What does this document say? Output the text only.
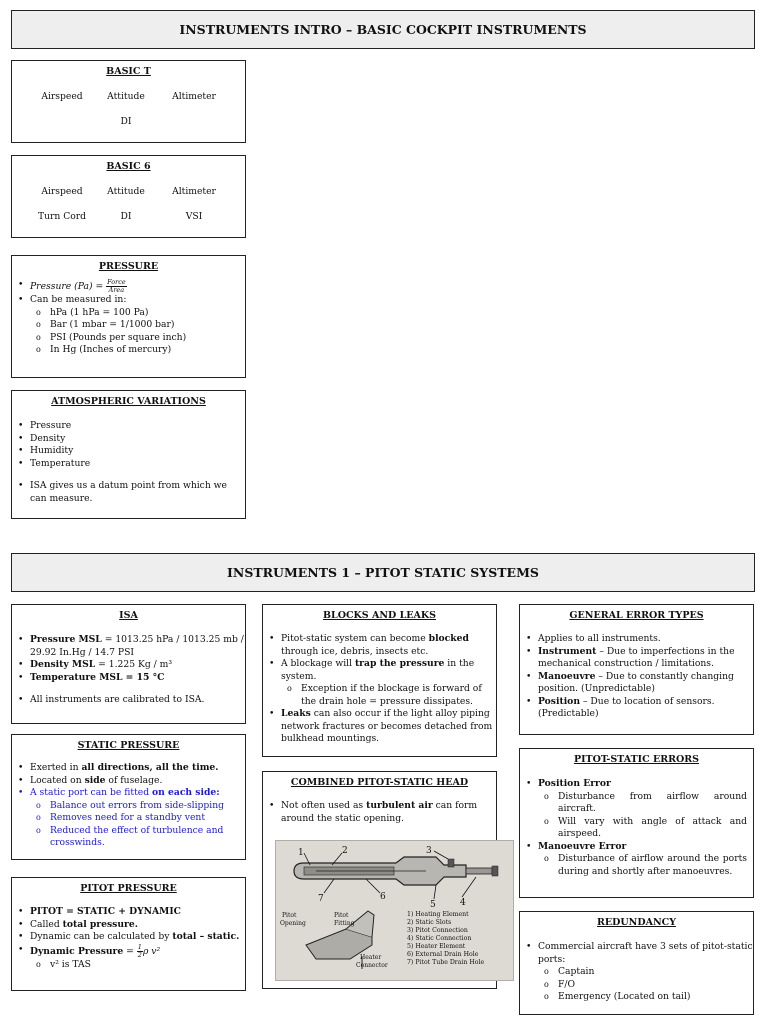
INSTRUMENTS INTRO – BASIC COCKPIT INSTRUMENTS
BASIC T
Airspeed	Attitude	Altimeter
DI
BASIC 6
Airspeed	Attitude	Altimeter
Turn Cord	DI	VSI
PRESSURE
• Pressure $(Pa) = \frac{\text{Force}}{\text{Area}}$
• Can be measured in:
o hPa (1 hPa = 100 Pa)
o Bar (1 mbar = 1/1000 bar)
o PSI (Pounds per square inch)
o In Hg (Inches of mercury)
ATMOSPHERIC VARIATIONS
• Pressure
• Density
• Humidity
• Temperature
• ISA gives us a datum point from which we can measure.
INSTRUMENTS 1 – PITOT STATIC SYSTEMS
ISA
• Pressure MSL = 1013.25 hPa / 1013.25 mb / 29.92 In.Hg / 14.7 PSI
• Density MSL = 1.225 Kg / m³
• Temperature MSL = 15 °C
• All instruments are calibrated to ISA.
STATIC PRESSURE
• Exerted in all directions, all the time.
• Located on side of fuselage.
• A static port can be fitted on each side:
o Balance out errors from side-slipping
o Removes need for a standby vent
o Reduced the effect of turbulence and crosswinds.
PITOT PRESSURE
• PITOT = STATIC + DYNAMIC
• Called total pressure.
• Dynamic can be calculated by total – static.
• Dynamic Pressure = $\frac{1}{2}$ ρ v²
o v² is TAS
BLOCKS AND LEAKS
• Pitot-static system can become blocked through ice, debris, insects etc.
• A blockage will trap the pressure in the system.
o Exception if the blockage is forward of the drain hole = pressure dissipates.
• Leaks can also occur if the light alloy piping network fractures or becomes detached from bulkhead mountings.
COMBINED PITOT-STATIC HEAD
• Not often used as turbulent air can form around the static opening.
1	2	3
4
5
6
7
Pitot
Opening
Pitot
Fitting
Heater
Connector
1) Heating Element
2) Static Slots
3) Pitot Connection
4) Static Connection
5) Heater Element
6) External Drain Hole
7) Pitot Tube Drain Hole
GENERAL ERROR TYPES
• Applies to all instruments.
• Instrument – Due to imperfections in the mechanical construction / limitations.
• Manoeuvre – Due to constantly changing position. (Unpredictable)
• Position – Due to location of sensors. (Predictable)
PITOT-STATIC ERRORS
• Position Error
o Disturbance from airflow around aircraft.
o Will vary with angle of attack and airspeed.
• Manoeuvre Error
o Disturbance of airflow around the ports during and shortly after manoeuvres.
REDUNDANCY
• Commercial aircraft have 3 sets of pitot-static ports:
o Captain
o F/O
o Emergency (Located on tail)
